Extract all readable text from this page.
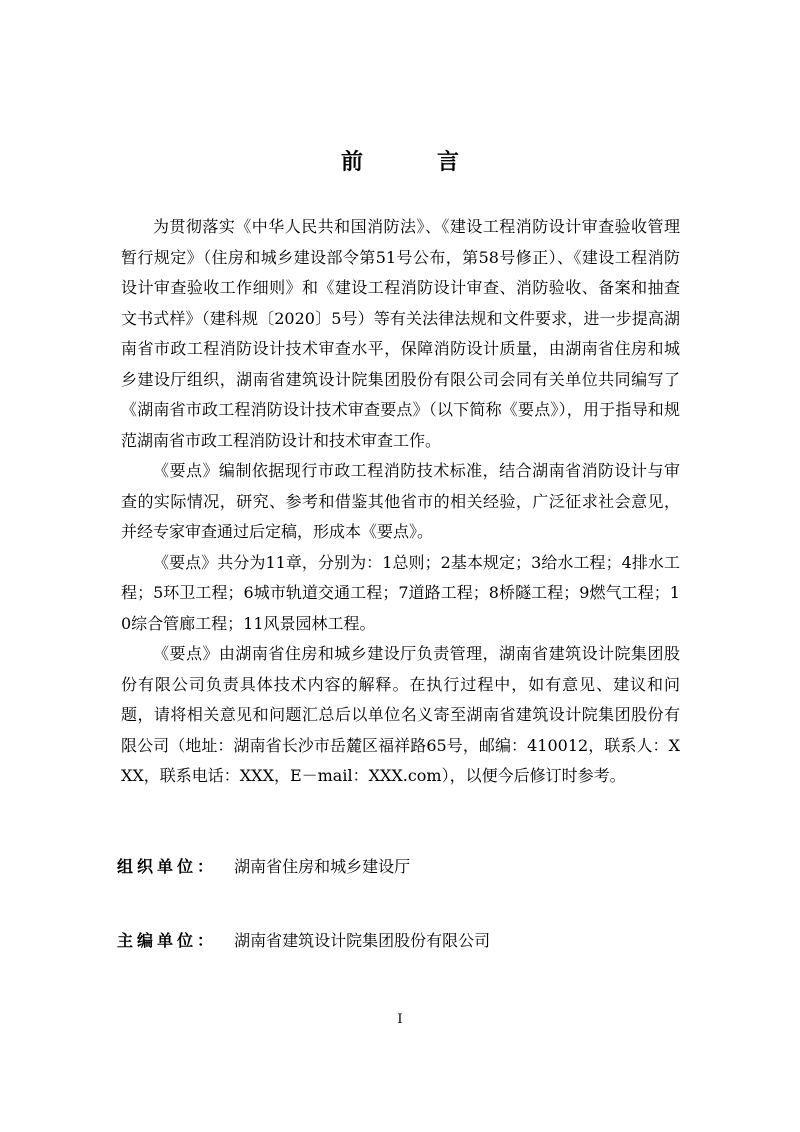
前　言

为贯彻落实《中华人民共和国消防法》、《建设工程消防设计审查验收管理暂行规定》（住房和城乡建设部令第51号公布，第58号修正）、《建设工程消防设计审查验收工作细则》和《建设工程消防设计审查、消防验收、备案和抽查文书式样》（建科规〔2020〕5号）等有关法律法规和文件要求，进一步提高湖南省市政工程消防设计技术审查水平，保障消防设计质量，由湖南省住房和城乡建设厅组织，湖南省建筑设计院集团股份有限公司会同有关单位共同编写了《湖南省市政工程消防设计技术审查要点》（以下简称《要点》），用于指导和规范湖南省市政工程消防设计和技术审查工作。

《要点》编制依据现行市政工程消防技术标准，结合湖南省消防设计与审查的实际情况，研究、参考和借鉴其他省市的相关经验，广泛征求社会意见，并经专家审查通过后定稿，形成本《要点》。

《要点》共分为11章，分别为：1总则；2基本规定；3给水工程；4排水工程；5环卫工程；6城市轨道交通工程；7道路工程；8桥隧工程；9燃气工程；10综合管廊工程；11风景园林工程。

《要点》由湖南省住房和城乡建设厅负责管理，湖南省建筑设计院集团股份有限公司负责具体技术内容的解释。在执行过程中，如有意见、建议和问题，请将相关意见和问题汇总后以单位名义寄至湖南省建筑设计院集团股份有限公司（地址：湖南省长沙市岳麓区福祥路65号，邮编：410012，联系人：XXX，联系电话：XXX，E－mail：XXX.com），以便今后修订时参考。

组织单位： 湖南省住房和城乡建设厅
主编单位： 湖南省建筑设计院集团股份有限公司
I
